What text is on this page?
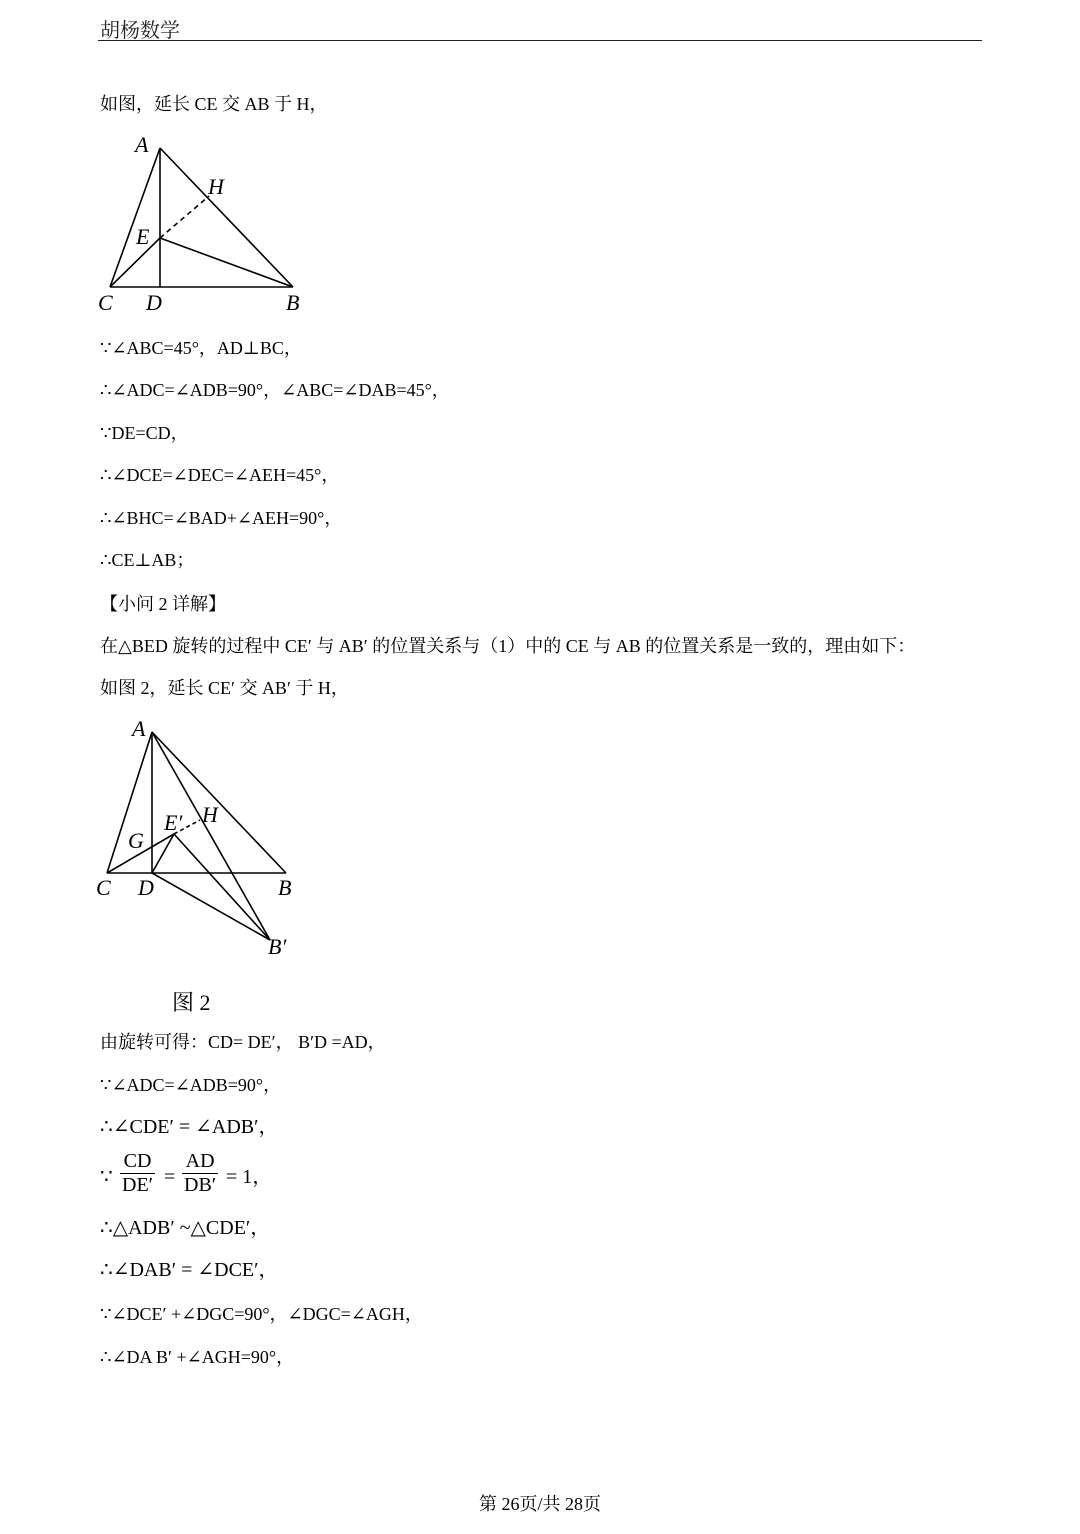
胡杨数学
如图，延长 CE 交 AB 于 H，
A
H
E
C D	B
∵∠ABC=45°，AD⊥BC，
∴∠ADC=∠ADB=90°，∠ABC=∠DAB=45°，
∵DE=CD，
∴∠DCE=∠DEC=∠AEH=45°，
∴∠BHC=∠BAD+∠AEH=90°，
∴CE⊥AB；
【小问 2 详解】
在△BED 旋转的过程中 CE′ 与 AB′ 的位置关系与（1）中的 CE 与 AB 的位置关系是一致的，理由如下：
如图 2，延长 CE′ 交 AB′ 于 H，
A
H
E′
G
C D	B
B′
图 2
由旋转可得：CD= DE′， B′D =AD，
∵∠ADC=∠ADB=90°，
∴∠CDE′ = ∠ADB′，
∵ $\frac{CD}{DE'} = \frac{AD}{DB'} = 1$，
∴△ADB′ ~△CDE′，
∴∠DAB′ = ∠DCE′，
∵∠DCE′ +∠DGC=90°，∠DGC=∠AGH，
∴∠DA B′ +∠AGH=90°，
第 26页/共 28页
